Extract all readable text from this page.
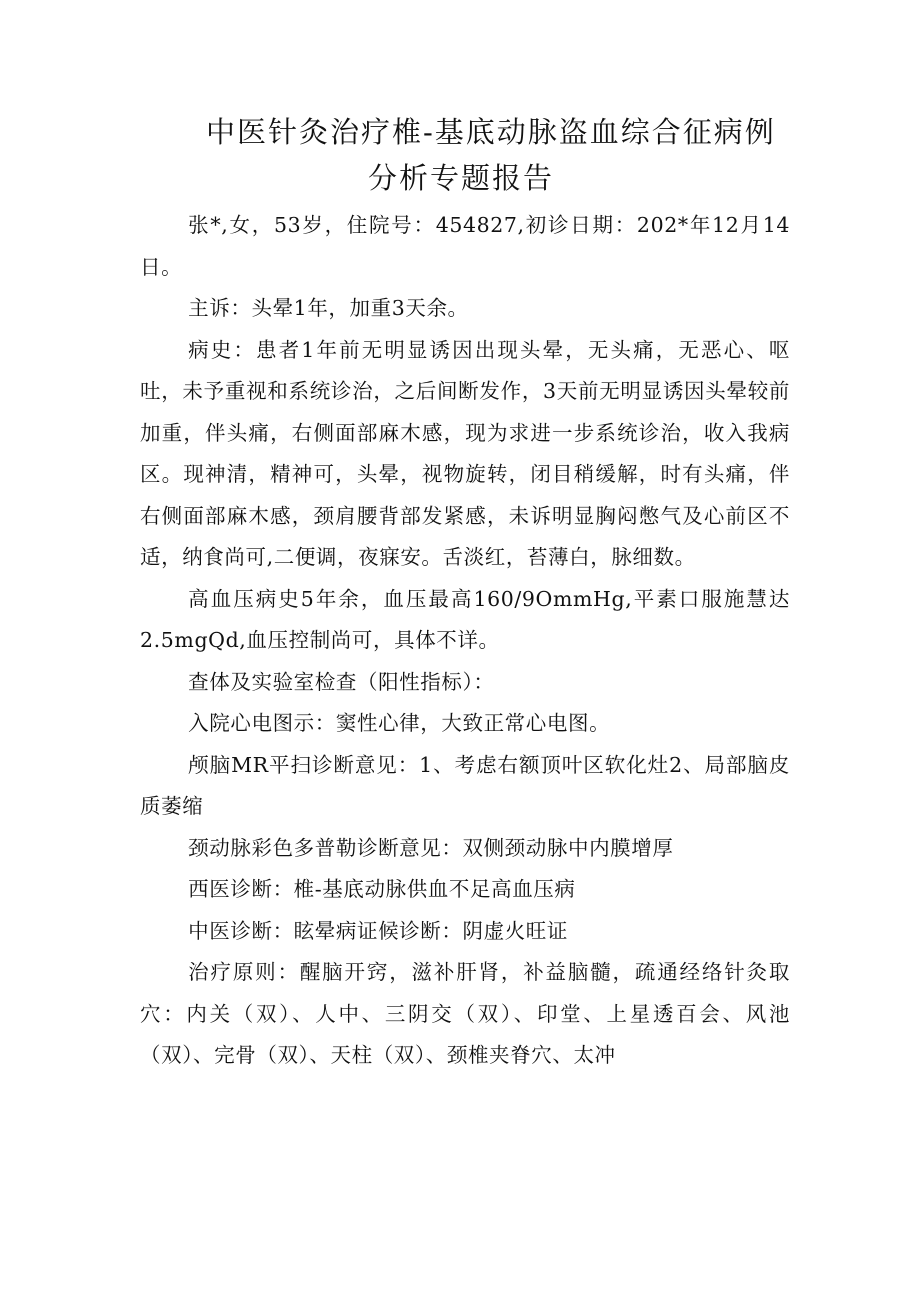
中医针灸治疗椎-基底动脉盗血综合征病例
分析专题报告

张*,女，53岁，住院号：454827,初诊日期：202*年12月14日。

主诉：头晕1年，加重3天余。

病史：患者1年前无明显诱因出现头晕，无头痛，无恶心、呕吐，未予重视和系统诊治，之后间断发作，3天前无明显诱因头晕较前加重，伴头痛，右侧面部麻木感，现为求进一步系统诊治，收入我病区。现神清，精神可，头晕，视物旋转，闭目稍缓解，时有头痛，伴右侧面部麻木感，颈肩腰背部发紧感，未诉明显胸闷憋气及心前区不适，纳食尚可,二便调，夜寐安。舌淡红，苔薄白，脉细数。

高血压病史5年余，血压最高160/9OmmHg,平素口服施慧达2.5mgQd,血压控制尚可，具体不详。

查体及实验室检查（阳性指标）：

入院心电图示：窦性心律，大致正常心电图。

颅脑MR平扫诊断意见：1、考虑右额顶叶区软化灶2、局部脑皮质萎缩

颈动脉彩色多普勒诊断意见：双侧颈动脉中内膜增厚

西医诊断：椎-基底动脉供血不足高血压病

中医诊断：眩晕病证候诊断：阴虚火旺证

治疗原则：醒脑开窍，滋补肝肾，补益脑髓，疏通经络针灸取穴：内关（双）、人中、三阴交（双）、印堂、上星透百会、风池（双）、完骨（双）、天柱（双）、颈椎夹脊穴、太冲
